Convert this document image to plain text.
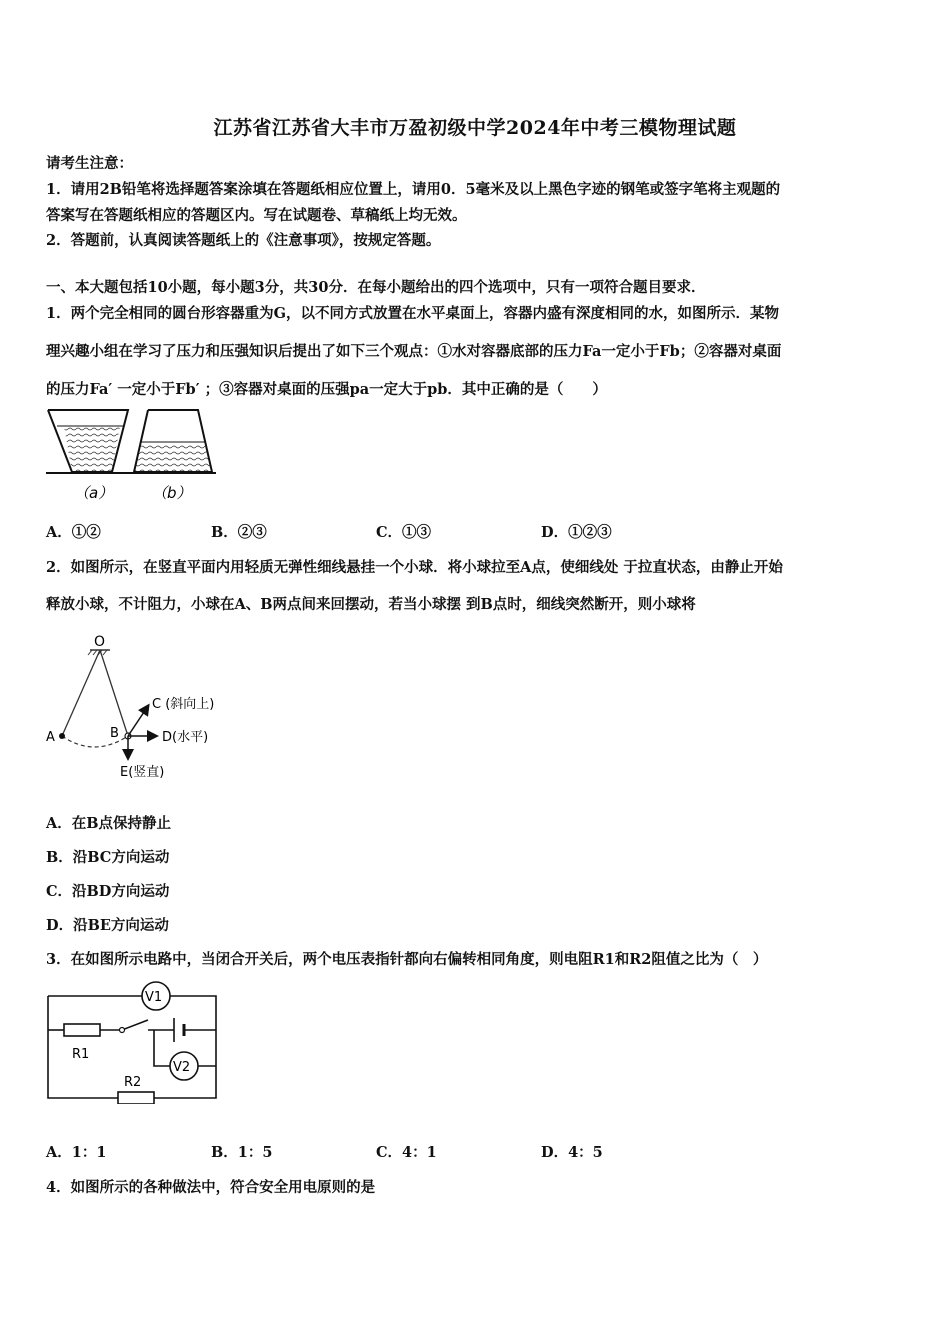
江苏省江苏省大丰市万盈初级中学2024年中考三模物理试题
请考生注意：
1．请用2B铅笔将选择题答案涂填在答题纸相应位置上，请用0．5毫米及以上黑色字迹的钢笔或签字笔将主观题的
答案写在答题纸相应的答题区内。写在试题卷、草稿纸上均无效。
2．答题前，认真阅读答题纸上的《注意事项》，按规定答题。
一、本大题包括10小题，每小题3分，共30分．在每小题给出的四个选项中，只有一项符合题目要求．
1．两个完全相同的圆台形容器重为G，以不同方式放置在水平桌面上，容器内盛有深度相同的水，如图所示．某物
理兴趣小组在学习了压力和压强知识后提出了如下三个观点：①水对容器底部的压力Fa一定小于Fb；②容器对桌面
的压力Fa′ 一定小于Fb′ ；③容器对桌面的压强pa一定大于pb．其中正确的是（　　）
（a）	（b）
A．①②	B．②③	C．①③	D．①②③
2．如图所示，在竖直平面内用轻质无弹性细线悬挂一个小球．将小球拉至A点，使细线处 于拉直状态，由静止开始
释放小球，不计阻力，小球在A、B两点间来回摆动，若当小球摆 到B点时，细线突然断开，则小球将
O
A	B
C (斜向上)
D(水平)
E(竖直)
A．在B点保持静止
B．沿BC方向运动
C．沿BD方向运动
D．沿BE方向运动
3．在如图所示电路中，当闭合开关后，两个电压表指针都向右偏转相同角度，则电阻R1和R2阻值之比为（　）
V1
V2
R1
R2
A．1：1	B．1：5	C．4：1	D．4：5
4．如图所示的各种做法中，符合安全用电原则的是
